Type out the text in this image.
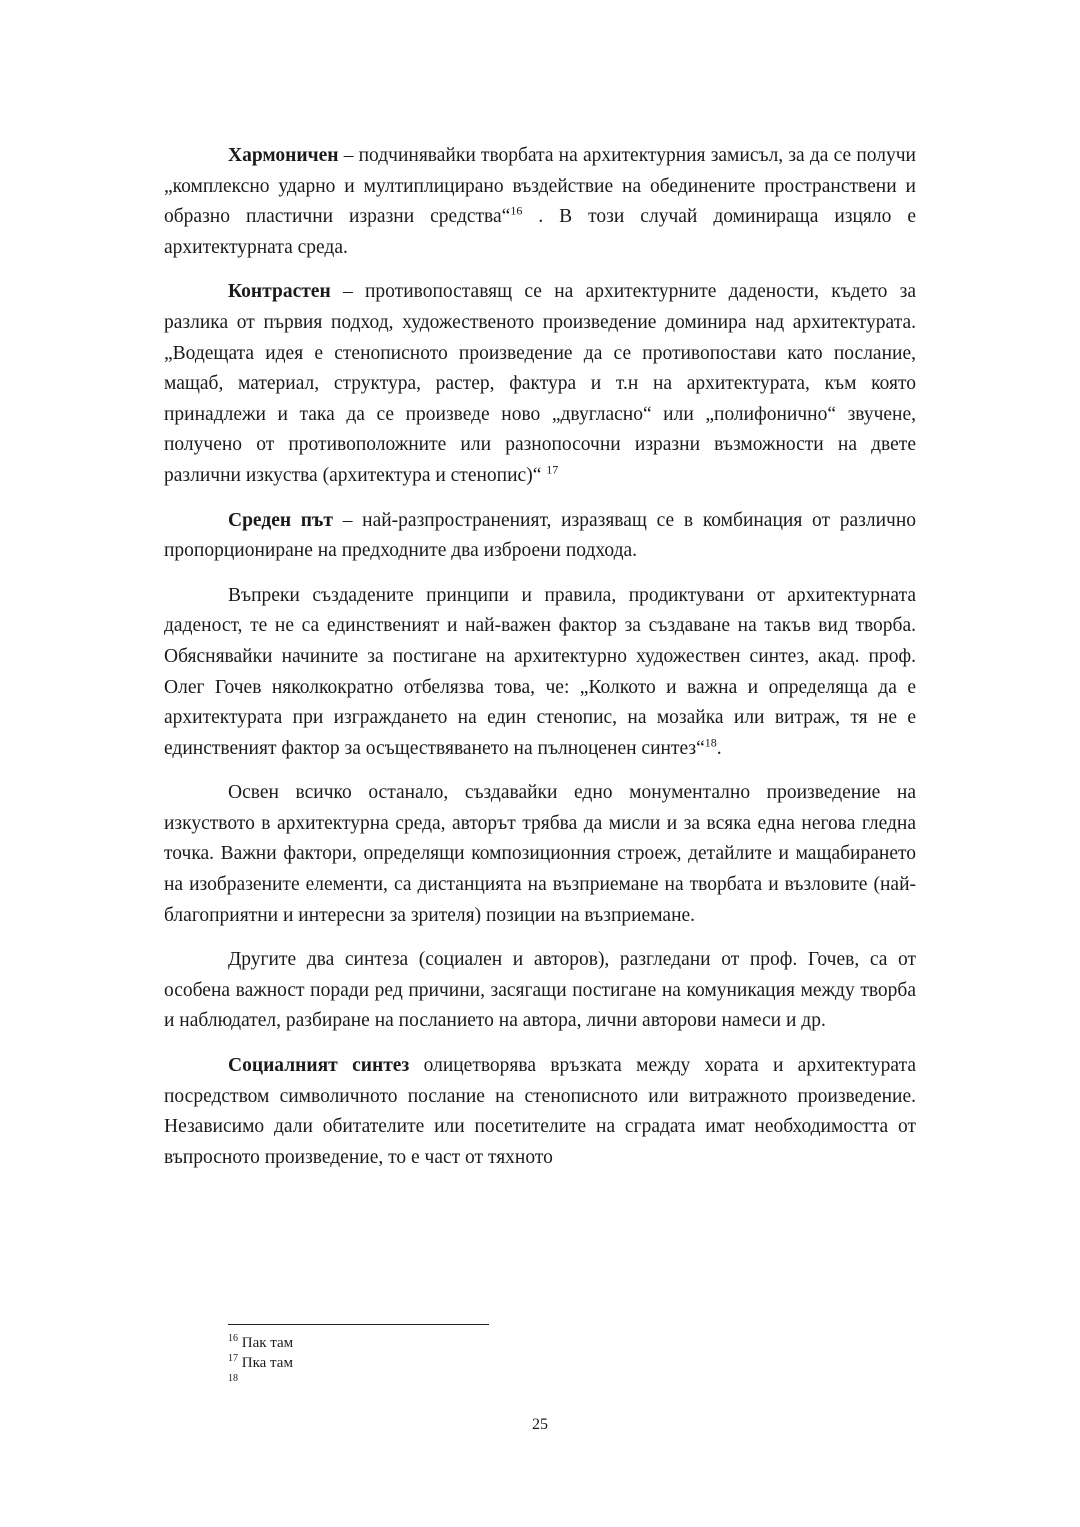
Хармоничен – подчинявайки творбата на архитектурния замисъл, за да се получи „комплексно ударно и мултиплицирано въздействие на обединените пространствени и образно пластични изразни средства“$^{16}$ . В този случай доминираща изцяло е архитектурната среда.

Контрастен – противопоставящ се на архитектурните дадености, където за разлика от първия подход, художественото произведение доминира над архитектурата. „Водещата идея е стенописното произведение да се противопостави като послание, мащаб, материал, структура, растер, фактура и т.н на архитектурата, към която принадлежи и така да се произведе ново „двугласно“ или „полифонично“ звучене, получено от противоположните или разнопосочни изразни възможности на двете различни изкуства (архитектура и стенопис)“ $^{17}$

Среден път – най-разпространеният, изразяващ се в комбинация от различно пропорциониране на предходните два изброени подхода.

Въпреки създадените принципи и правила, продиктувани от архитектурната даденост, те не са единственият и най-важен фактор за създаване на такъв вид творба. Обяснявайки начините за постигане на архитектурно художествен синтез, акад. проф. Олег Гочев няколкократно отбелязва това, че: „Колкото и важна и определяща да е архитектурата при изграждането на един стенопис, на мозайка или витраж, тя не е единственият фактор за осъществяването на пълноценен синтез“$^{18}$.

Освен всичко останало, създавайки едно монументално произведение на изкуството в архитектурна среда, авторът трябва да мисли и за всяка една негова гледна точка. Важни фактори, определящи композиционния строеж, детайлите и мащабирането на изобразените елементи, са дистанцията на възприемане на творбата и възловите (най-благоприятни и интересни за зрителя) позиции на възприемане.

Другите два синтеза (социален и авторов), разгледани от проф. Гочев, са от особена важност поради ред причини, засягащи постигане на комуникация между творба и наблюдател, разбиране на посланието на автора, лични авторови намеси и др.

Социалният синтез олицетворява връзката между хората и архитектурата посредством символичното послание на стенописното или витражното произведение. Независимо дали обитателите или посетителите на сградата имат необходимостта от въпросното произведение, то е част от тяхното

$^{16}$ Пак там

$^{17}$ Пка там

$^{18}$

25
